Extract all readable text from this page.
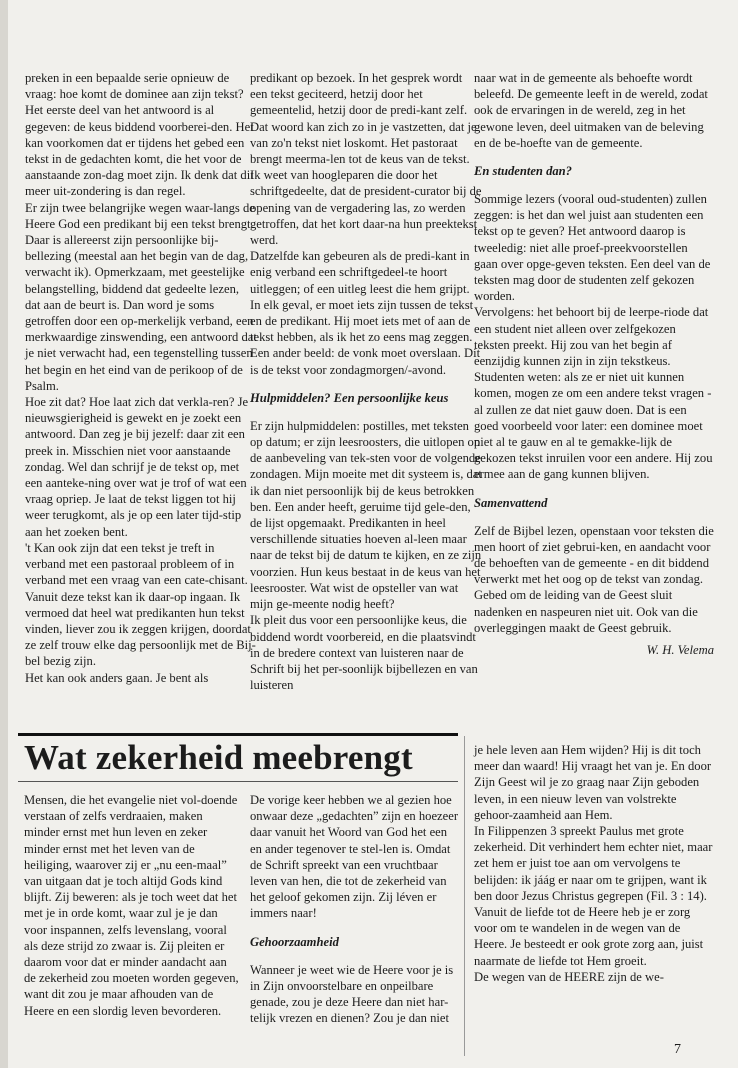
preken in een bepaalde serie opnieuw de vraag: hoe komt de dominee aan zijn tekst?

Het eerste deel van het antwoord is al gegeven: de keus biddend voorberei-den. Het kan voorkomen dat er tijdens het gebed een tekst in de gedachten komt, die het voor de aanstaande zon-dag moet zijn. Ik denk dat dit meer uit-zondering is dan regel.

Er zijn twee belangrijke wegen waar-langs de Heere God een predikant bij een tekst brengt.

Daar is allereerst zijn persoonlijke bij-bellezing (meestal aan het begin van de dag, verwacht ik). Opmerkzaam, met geestelijke belangstelling, biddend dat gedeelte lezen, dat aan de beurt is. Dan word je soms getroffen door een op-merkelijk verband, een merkwaardige zinswending, een antwoord dat je niet verwacht had, een tegenstelling tussen het begin en het eind van de perikoop of de Psalm.

Hoe zit dat? Hoe laat zich dat verkla-ren? Je nieuwsgierigheid is gewekt en je zoekt een antwoord. Dan zeg je bij jezelf: daar zit een preek in. Misschien niet voor aanstaande zondag. Wel dan schrijf je de tekst op, met een aanteke-ning over wat je trof of wat een vraag opriep. Je laat de tekst liggen tot hij weer terugkomt, als je op een later tijd-stip aan het zoeken bent.

't Kan ook zijn dat een tekst je treft in verband met een pastoraal probleem of in verband met een vraag van een cate-chisant. Vanuit deze tekst kan ik daar-op ingaan. Ik vermoed dat heel wat predikanten hun tekst vinden, liever zou ik zeggen krijgen, doordat ze zelf trouw elke dag persoonlijk met de Bij-bel bezig zijn.

Het kan ook anders gaan. Je bent als

predikant op bezoek. In het gesprek wordt een tekst geciteerd, hetzij door het gemeentelid, hetzij door de predi-kant zelf. Dat woord kan zich zo in je vastzetten, dat je van zo'n tekst niet loskomt. Het pastoraat brengt meerma-len tot de keus van de tekst.

Ik weet van hooglераren die door het schriftgedeelte, dat de president-curator bij de opening van de vergadering las, zo werden getroffen, dat het kort daar-na hun preektekst werd.

Datzelfde kan gebeuren als de predi-kant in enig verband een schriftgedeel-te hoort uitleggen; of een uitleg leest die hem grijpt.

In elk geval, er moet iets zijn tussen de tekst en de predikant. Hij moet iets met of aan de tekst hebben, als ik het zo eens mag zeggen. Een ander beeld: de vonk moet overslaan. Dit is de tekst voor zondagmorgen/-avond.

Hulpmiddelen? Een persoonlijke keus

Er zijn hulpmiddelen: postilles, met teksten op datum; er zijn leesroosters, die uitlopen op de aanbeveling van tek-sten voor de volgende zondagen. Mijn moeite met dit systeem is, dat ik dan niet persoonlijk bij de keus betrokken ben. Een ander heeft, geruime tijd gele-den, de lijst opgemaakt. Predikanten in heel verschillende situaties hoeven al-leen maar naar de tekst bij de datum te kijken, en ze zijn voorzien. Hun keus bestaat in de keus van het leesrooster. Wat wist de opsteller van wat mijn ge-meente nodig heeft?

Ik pleit dus voor een persoonlijke keus, die biddend wordt voorbereid, en die plaatsvindt in de bredere context van luisteren naar de Schrift bij het per-soonlijk bijbellezen en van luisteren

naar wat in de gemeente als behoefte wordt beleefd. De gemeente leeft in de wereld, zodat ook de ervaringen in de wereld, zeg in het gewone leven, deel uitmaken van de beleving en de be-hoefte van de gemeente.

En studenten dan?

Sommige lezers (vooral oud-studenten) zullen zeggen: is het dan wel juist aan studenten een tekst op te geven? Het antwoord daarop is tweeledig: niet alle proef-preekvoorstellen gaan over opge-geven teksten. Een deel van de teksten mag door de studenten zelf gekozen worden.

Vervolgens: het behoort bij de leerpe-riode dat een student niet alleen over zelfgekozen teksten preekt. Hij zou van het begin af eenzijdig kunnen zijn in zijn tekstkeus. Studenten weten: als ze er niet uit kunnen komen, mogen ze om een andere tekst vragen - al zullen ze dat niet gauw doen. Dat is een goed voorbeeld voor later: een dominee moet niet al te gauw en al te gemakke-lijk de gekozen tekst inruilen voor een andere. Hij zou ermee aan de gang kunnen blijven.

Samenvattend

Zelf de Bijbel lezen, openstaan voor teksten die men hoort of ziet gebrui-ken, en aandacht voor de behoeften van de gemeente - en dit biddend verwerkt met het oog op de tekst van zondag. Gebed om de leiding van de Geest sluit nadenken en naspeuren niet uit. Ook van die overleggingen maakt de Geest gebruik.

W. H. Velema

Wat zekerheid meebrengt

Mensen, die het evangelie niet vol-doende verstaan of zelfs verdraaien, maken minder ernst met hun leven en zeker minder ernst met het leven van de heiliging, waarover zij er „nu een-maal” van uitgaan dat je toch altijd Gods kind blijft. Zij beweren: als je toch weet dat het met je in orde komt, waar zul je je dan voor inspannen, zelfs levenslang, vooral als deze strijd zo zwaar is. Zij pleiten er daarom voor dat er minder aandacht aan de zekerheid zou moeten worden gegeven, want dit zou je maar afhouden van de Heere en een slordig leven bevorderen.

De vorige keer hebben we al gezien hoe onwaar deze „gedachten” zijn en hoezeer daar vanuit het Woord van God het een en ander tegenover te stel-len is. Omdat de Schrift spreekt van een vruchtbaar leven van hen, die tot de zekerheid van het geloof gekomen zijn. Zij léven er immers naar!

Gehoorzaamheid

Wanneer je weet wie de Heere voor je is in Zijn onvoorstelbare en onpeilbare genade, zou je deze Heere dan niet har-telijk vrezen en dienen? Zou je dan niet

je hele leven aan Hem wijden? Hij is dit toch meer dan waard! Hij vraagt het van je. En door Zijn Geest wil je zo graag naar Zijn geboden leven, in een nieuw leven van volstrekte gehoor-zaamheid aan Hem.

In Filippenzen 3 spreekt Paulus met grote zekerheid. Dit verhindert hem echter niet, maar zet hem er juist toe aan om vervolgens te belijden: ik jáág er naar om te grijpen, want ik ben door Jezus Christus gegrepen (Fil. 3 : 14). Vanuit de liefde tot de Heere heb je er zorg voor om te wandelen in de wegen van de Heere. Je besteedt er ook grote zorg aan, juist naarmate de liefde tot Hem groeit.

De wegen van de HEERE zijn de we-

7
